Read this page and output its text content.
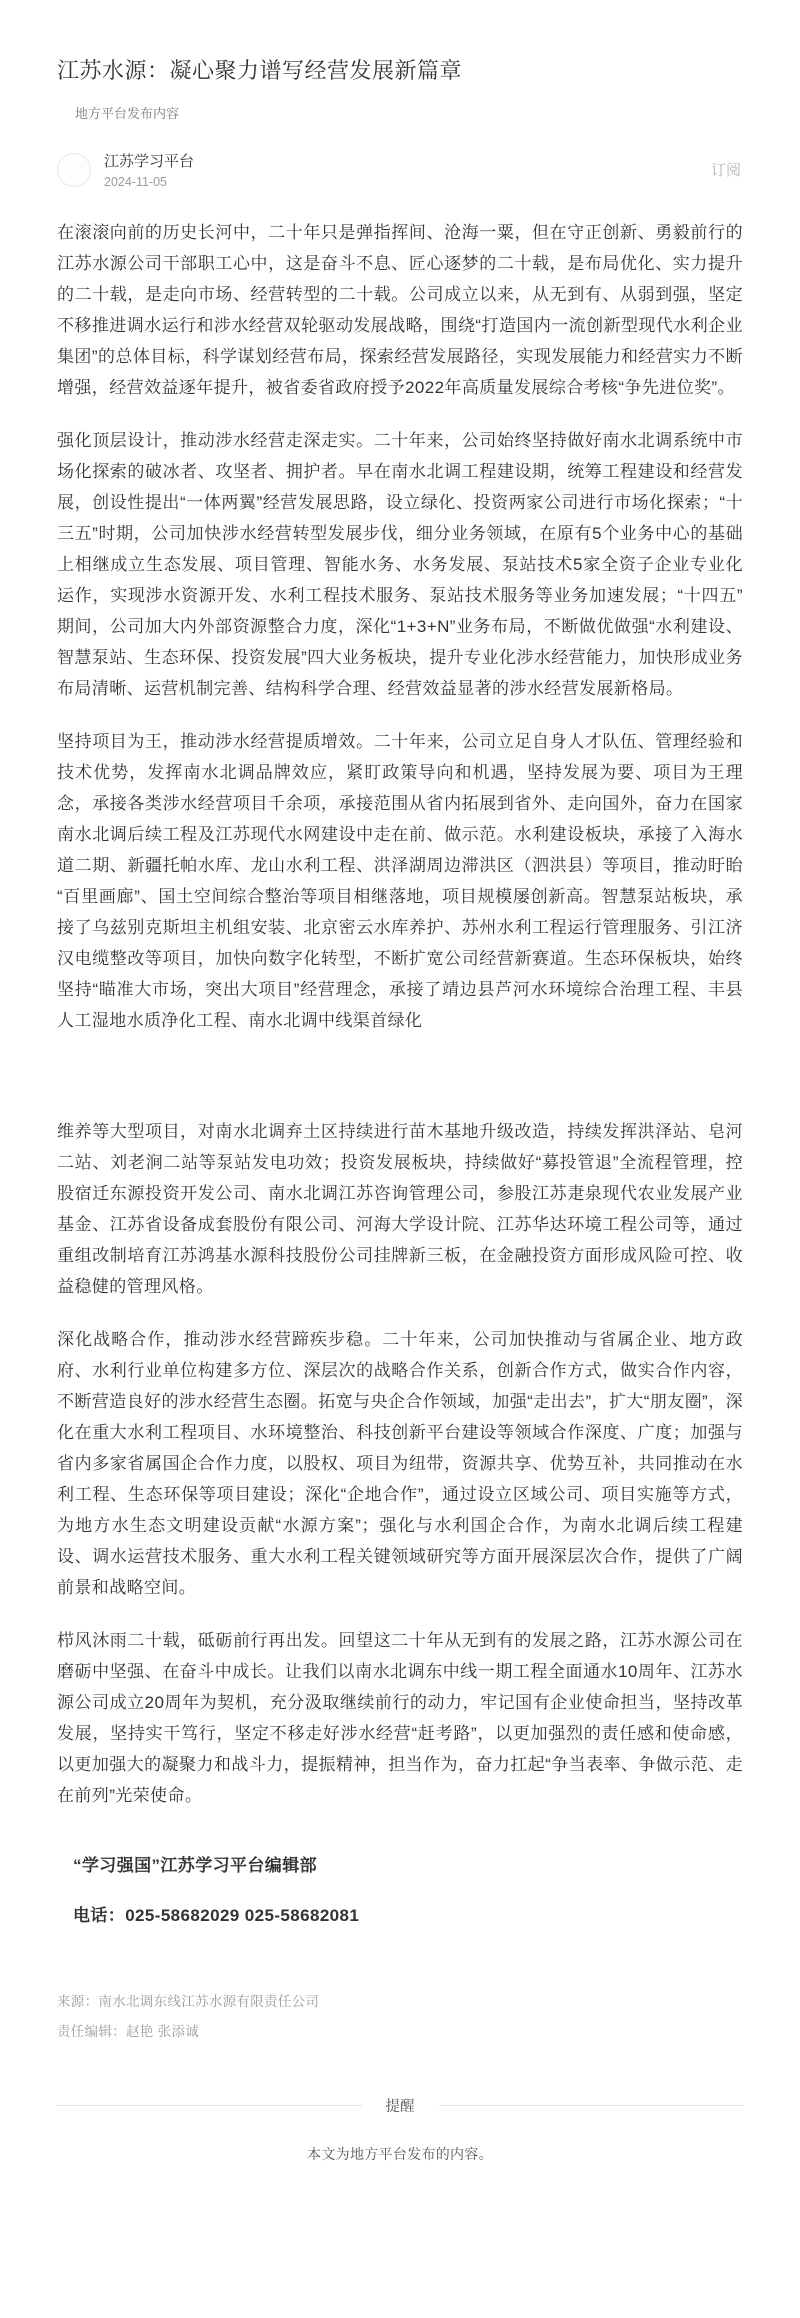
江苏水源：凝心聚力谱写经营发展新篇章
地方平台发布内容
江苏学习平台
2024-11-05
订阅

在滚滚向前的历史长河中，二十年只是弹指挥间、沧海一粟，但在守正创新、勇毅前行的江苏水源公司干部职工心中，这是奋斗不息、匠心逐梦的二十载，是布局优化、实力提升的二十载，是走向市场、经营转型的二十载。公司成立以来，从无到有、从弱到强，坚定不移推进调水运行和涉水经营双轮驱动发展战略，围绕“打造国内一流创新型现代水利企业集团”的总体目标，科学谋划经营布局，探索经营发展路径，实现发展能力和经营实力不断增强，经营效益逐年提升，被省委省政府授予2022年高质量发展综合考核“争先进位奖”。

强化顶层设计，推动涉水经营走深走实。二十年来，公司始终坚持做好南水北调系统中市场化探索的破冰者、攻坚者、拥护者。早在南水北调工程建设期，统筹工程建设和经营发展，创设性提出“一体两翼”经营发展思路，设立绿化、投资两家公司进行市场化探索；“十三五”时期，公司加快涉水经营转型发展步伐，细分业务领域，在原有5个业务中心的基础上相继成立生态发展、项目管理、智能水务、水务发展、泵站技术5家全资子企业专业化运作，实现涉水资源开发、水利工程技术服务、泵站技术服务等业务加速发展；“十四五”期间，公司加大内外部资源整合力度，深化“1+3+N”业务布局，不断做优做强“水利建设、智慧泵站、生态环保、投资发展”四大业务板块，提升专业化涉水经营能力，加快形成业务布局清晰、运营机制完善、结构科学合理、经营效益显著的涉水经营发展新格局。

坚持项目为王，推动涉水经营提质增效。二十年来，公司立足自身人才队伍、管理经验和技术优势，发挥南水北调品牌效应，紧盯政策导向和机遇，坚持发展为要、项目为王理念，承接各类涉水经营项目千余项，承接范围从省内拓展到省外、走向国外，奋力在国家南水北调后续工程及江苏现代水网建设中走在前、做示范。水利建设板块，承接了入海水道二期、新疆托帕水库、龙山水利工程、洪泽湖周边滞洪区（泗洪县）等项目，推动盱眙“百里画廊”、国土空间综合整治等项目相继落地，项目规模屡创新高。智慧泵站板块，承接了乌兹别克斯坦主机组安装、北京密云水库养护、苏州水利工程运行管理服务、引江济汉电缆整改等项目，加快向数字化转型，不断扩宽公司经营新赛道。生态环保板块，始终坚持“瞄准大市场，突出大项目”经营理念，承接了靖边县芦河水环境综合治理工程、丰县人工湿地水质净化工程、南水北调中线渠首绿化

维养等大型项目，对南水北调弃土区持续进行苗木基地升级改造，持续发挥洪泽站、皂河二站、刘老涧二站等泵站发电功效；投资发展板块，持续做好“募投管退”全流程管理，控股宿迁东源投资开发公司、南水北调江苏咨询管理公司，参股江苏疌泉现代农业发展产业基金、江苏省设备成套股份有限公司、河海大学设计院、江苏华达环境工程公司等，通过重组改制培育江苏鸿基水源科技股份公司挂牌新三板，在金融投资方面形成风险可控、收益稳健的管理风格。

深化战略合作，推动涉水经营蹄疾步稳。二十年来，公司加快推动与省属企业、地方政府、水利行业单位构建多方位、深层次的战略合作关系，创新合作方式，做实合作内容，不断营造良好的涉水经营生态圈。拓宽与央企合作领域，加强“走出去”，扩大“朋友圈”，深化在重大水利工程项目、水环境整治、科技创新平台建设等领域合作深度、广度；加强与省内多家省属国企合作力度，以股权、项目为纽带，资源共享、优势互补，共同推动在水利工程、生态环保等项目建设；深化“企地合作”，通过设立区域公司、项目实施等方式，为地方水生态文明建设贡献“水源方案”；强化与水利国企合作，为南水北调后续工程建设、调水运营技术服务、重大水利工程关键领域研究等方面开展深层次合作，提供了广阔前景和战略空间。

栉风沐雨二十载，砥砺前行再出发。回望这二十年从无到有的发展之路，江苏水源公司在磨砺中坚强、在奋斗中成长。让我们以南水北调东中线一期工程全面通水10周年、江苏水源公司成立20周年为契机，充分汲取继续前行的动力，牢记国有企业使命担当，坚持改革发展，坚持实干笃行，坚定不移走好涉水经营“赶考路”，以更加强烈的责任感和使命感，以更加强大的凝聚力和战斗力，提振精神，担当作为，奋力扛起“争当表率、争做示范、走在前列”光荣使命。

“学习强国”江苏学习平台编辑部
电话：025-58682029 025-58682081
来源：南水北调东线江苏水源有限责任公司
责任编辑：赵艳 张添诚
提醒
本文为地方平台发布的内容。
